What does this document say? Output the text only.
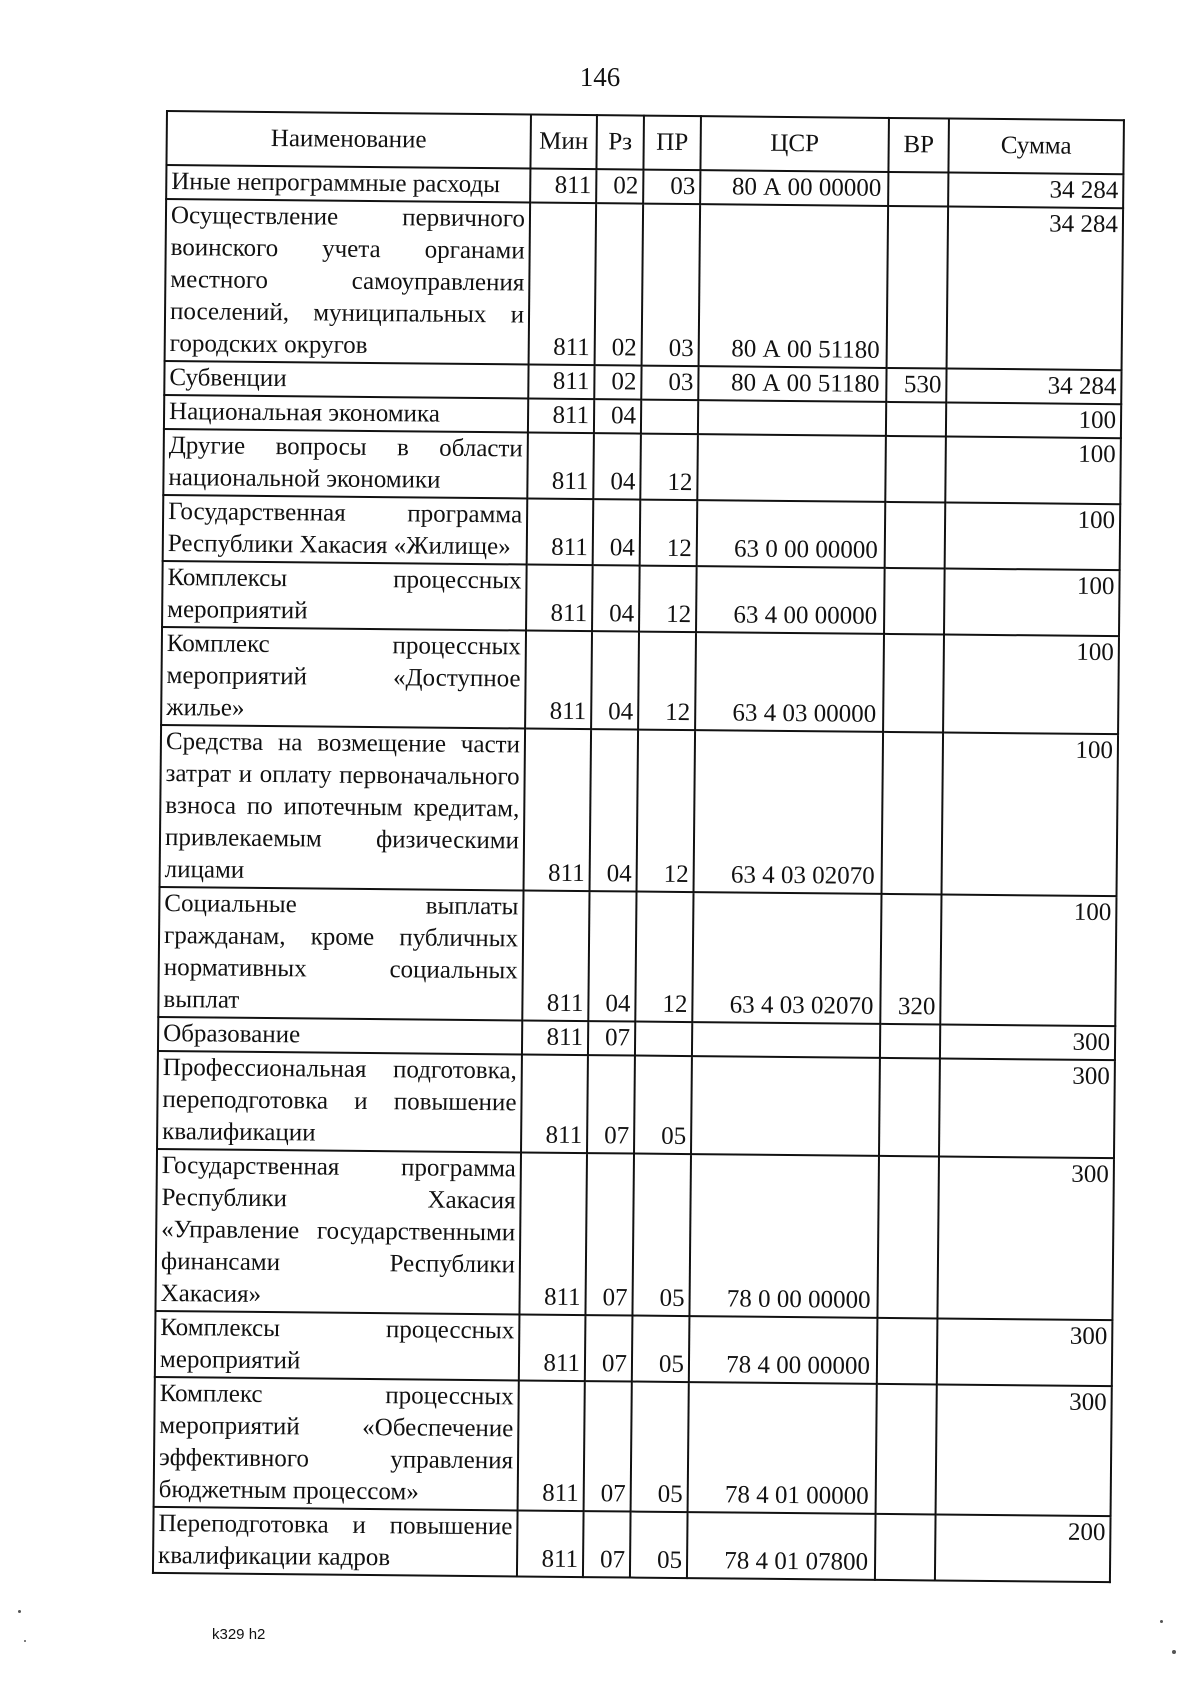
146
Наименование	Мин	Рз	ПР	ЦСР	ВР	Сумма
Иные непрограммные расходы	811	02	03	80 А 00 00000		34 284
Осуществление первичного воинского учета органами местного самоуправления поселений, муниципальных и городских округов	811	02	03	80 А 00 51180		34 284
Субвенции	811	02	03	80 А 00 51180	530	34 284
Национальная экономика	811	04				100
Другие вопросы в области национальной экономики	811	04	12			100
Государственная программа Республики Хакасия «Жилище»	811	04	12	63 0 00 00000		100
Комплексы процессных мероприятий	811	04	12	63 4 00 00000		100
Комплекс процессных мероприятий «Доступное жилье»	811	04	12	63 4 03 00000		100
Средства на возмещение части затрат и оплату первоначального взноса по ипотечным кредитам, привлекаемым физическими лицами	811	04	12	63 4 03 02070		100
Социальные выплаты гражданам, кроме публичных нормативных социальных выплат	811	04	12	63 4 03 02070	320	100
Образование	811	07				300
Профессиональная подготовка, переподготовка и повышение квалификации	811	07	05			300
Государственная программа Республики Хакасия «Управление государственными финансами Республики Хакасия»	811	07	05	78 0 00 00000		300
Комплексы процессных мероприятий	811	07	05	78 4 00 00000		300
Комплекс процессных мероприятий «Обеспечение эффективного управления бюджетным процессом»	811	07	05	78 4 01 00000		300
Переподготовка и повышение квалификации кадров	811	07	05	78 4 01 07800		200
k329 h2
